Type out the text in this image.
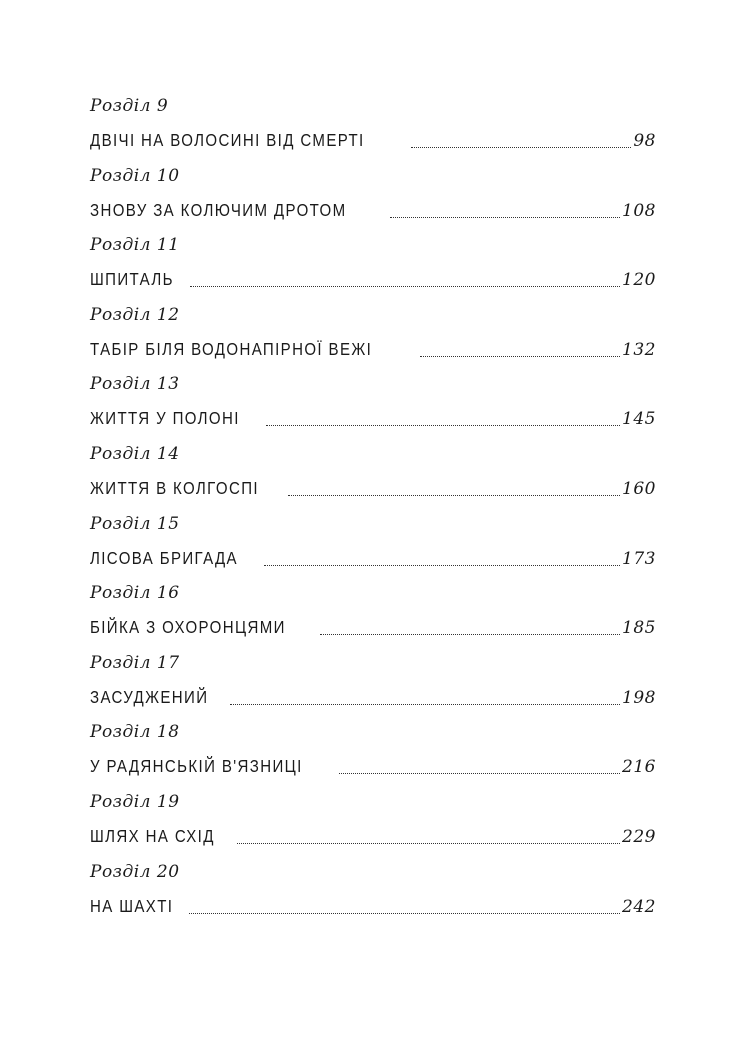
Розділ 9
ДВІЧІ НА ВОЛОСИНІ ВІД СМЕРТІ	98
Розділ 10
ЗНОВУ ЗА КОЛЮЧИМ ДРОТОМ	108
Розділ 11
ШПИТАЛЬ	120
Розділ 12
ТАБІР БІЛЯ ВОДОНАПІРНОЇ ВЕЖІ	132
Розділ 13
ЖИТТЯ У ПОЛОНІ	145
Розділ 14
ЖИТТЯ В КОЛГОСПІ	160
Розділ 15
ЛІСОВА БРИГАДА	173
Розділ 16
БІЙКА З ОХОРОНЦЯМИ	185
Розділ 17
ЗАСУДЖЕНИЙ	198
Розділ 18
У РАДЯНСЬКІЙ В'ЯЗНИЦІ	216
Розділ 19
ШЛЯХ НА СХІД	229
Розділ 20
НА ШАХТІ	242
